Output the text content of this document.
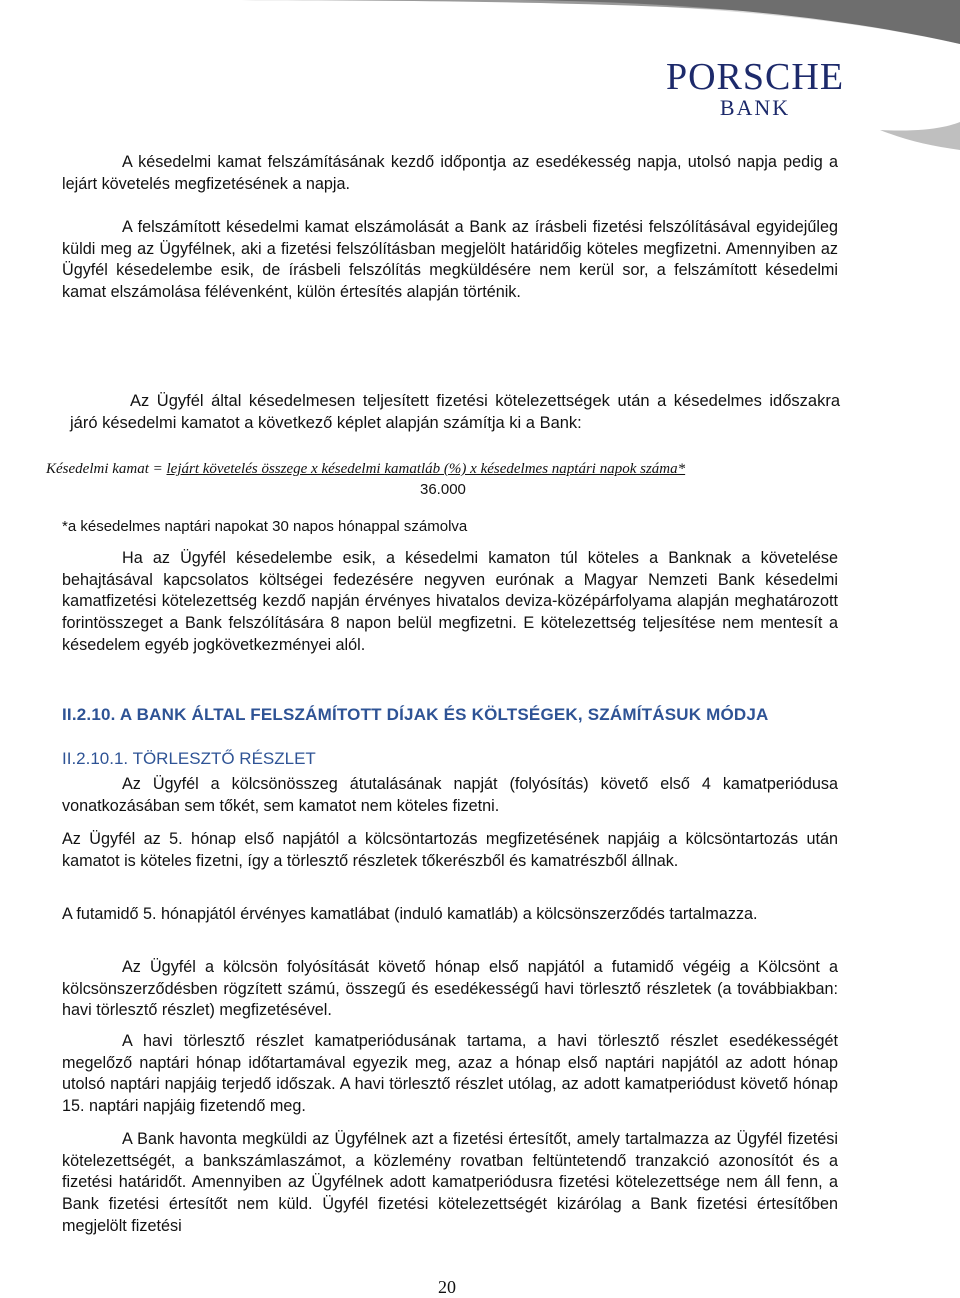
PORSCHE
BANK

A késedelmi kamat felszámításának kezdő időpontja az esedékesség napja, utolsó napja pedig a lejárt követelés megfizetésének a napja.

A felszámított késedelmi kamat elszámolását a Bank az írásbeli fizetési felszólításával egyidejűleg küldi meg az Ügyfélnek, aki a fizetési felszólításban megjelölt határidőig köteles megfizetni. Amennyiben az Ügyfél késedelembe esik, de írásbeli felszólítás megküldésére nem kerül sor, a felszámított késedelmi kamat elszámolása félévenként, külön értesítés alapján történik.

Az Ügyfél által késedelmesen teljesített fizetési kötelezettségek után a késedelmes időszakra járó késedelmi kamatot a következő képlet alapján számítja ki a Bank:

Késedelmi kamat = lejárt követelés összege x késedelmi kamatláb (%) x késedelmes naptári napok száma*
36.000
*a késedelmes naptári napokat 30 napos hónappal számolva

Ha az Ügyfél késedelembe esik, a késedelmi kamaton túl köteles a Banknak a követelése behajtásával kapcsolatos költségei fedezésére negyven eurónak a Magyar Nemzeti Bank késedelmi kamatfizetési kötelezettség kezdő napján érvényes hivatalos deviza-középárfolyama alapján meghatározott forintösszeget a Bank felszólítására 8 napon belül megfizetni. E kötelezettség teljesítése nem mentesít a késedelem egyéb jogkövetkezményei alól.

II.2.10. A BANK ÁLTAL FELSZÁMÍTOTT DÍJAK ÉS KÖLTSÉGEK, SZÁMÍTÁSUK MÓDJA
II.2.10.1. TÖRLESZTŐ RÉSZLET

Az Ügyfél a kölcsönösszeg átutalásának napját (folyósítás) követő első 4 kamatperiódusa vonatkozásában sem tőkét, sem kamatot nem köteles fizetni.

Az Ügyfél az 5. hónap első napjától a kölcsöntartozás megfizetésének napjáig a kölcsöntartozás után kamatot is köteles fizetni, így a törlesztő részletek tőkerészből és kamatrészből állnak.

A futamidő 5. hónapjától érvényes kamatlábat (induló kamatláb) a kölcsönszerződés tartalmazza.

Az Ügyfél a kölcsön folyósítását követő hónap első napjától a futamidő végéig a Kölcsönt a kölcsönszerződésben rögzített számú, összegű és esedékességű havi törlesztő részletek (a továbbiakban: havi törlesztő részlet) megfizetésével.

A havi törlesztő részlet kamatperiódusának tartama, a havi törlesztő részlet esedékességét megelőző naptári hónap időtartamával egyezik meg, azaz a hónap első naptári napjától az adott hónap utolsó naptári napjáig terjedő időszak. A havi törlesztő részlet utólag, az adott kamatperiódust követő hónap 15. naptári napjáig fizetendő meg.

A Bank havonta megküldi az Ügyfélnek azt a fizetési értesítőt, amely tartalmazza az Ügyfél fizetési kötelezettségét, a bankszámlaszámot, a közlemény rovatban feltüntetendő tranzakció azonosítót és a fizetési határidőt. Amennyiben az Ügyfélnek adott kamatperiódusra fizetési kötelezettsége nem áll fenn, a Bank fizetési értesítőt nem küld. Ügyfél fizetési kötelezettségét kizárólag a Bank fizetési értesítőben megjelölt fizetési

20
